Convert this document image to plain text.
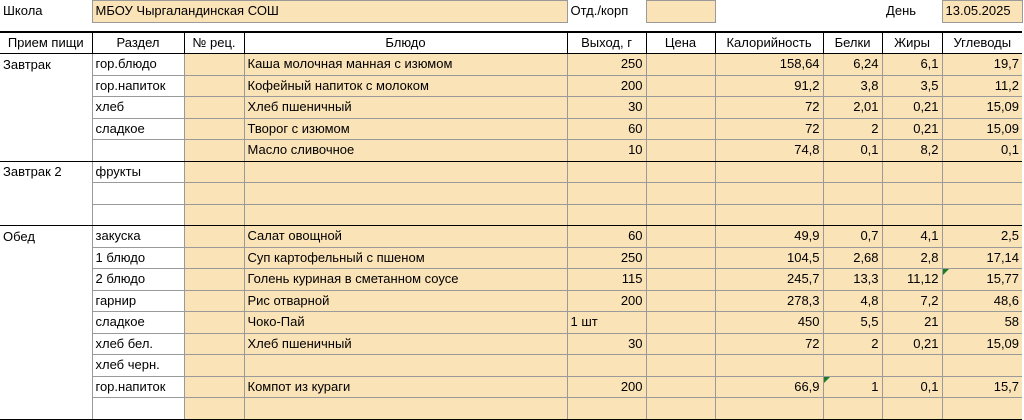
Школа	МБОУ Чыргаландинская СОШ			Отд./корп				День	13.05.2025

Прием пищи	Раздел	№ рец.	Блюдо	Выход, г	Цена	Калорийность	Белки	Жиры	Углеводы
Завтрак	гор.блюдо		Каша молочная манная с изюмом	250		158,64	6,24	6,1	19,7
	гор.напиток		Кофейный напиток с молоком	200		91,2	3,8	3,5	11,2
	хлеб		Хлеб пшеничный	30		72	2,01	0,21	15,09
	сладкое		Творог с изюмом	60		72	2	0,21	15,09
			Масло сливочное	10		74,8	0,1	8,2	0,1
Завтрак 2	фрукты								

Обед	закуска		Салат овощной	60		49,9	0,7	4,1	2,5
	1 блюдо		Суп картофельный с пшеном	250		104,5	2,68	2,8	17,14
	2 блюдо		Голень куриная в сметанном соусе	115		245,7	13,3	11,12	15,77
	гарнир		Рис отварной	200		278,3	4,8	7,2	48,6
	сладкое		Чоко-Пай	1 шт		450	5,5	21	58
	хлеб бел.		Хлеб пшеничный	30		72	2	0,21	15,09
	хлеб черн.								
	гор.напиток		Компот из кураги	200		66,9	1	0,1	15,7
